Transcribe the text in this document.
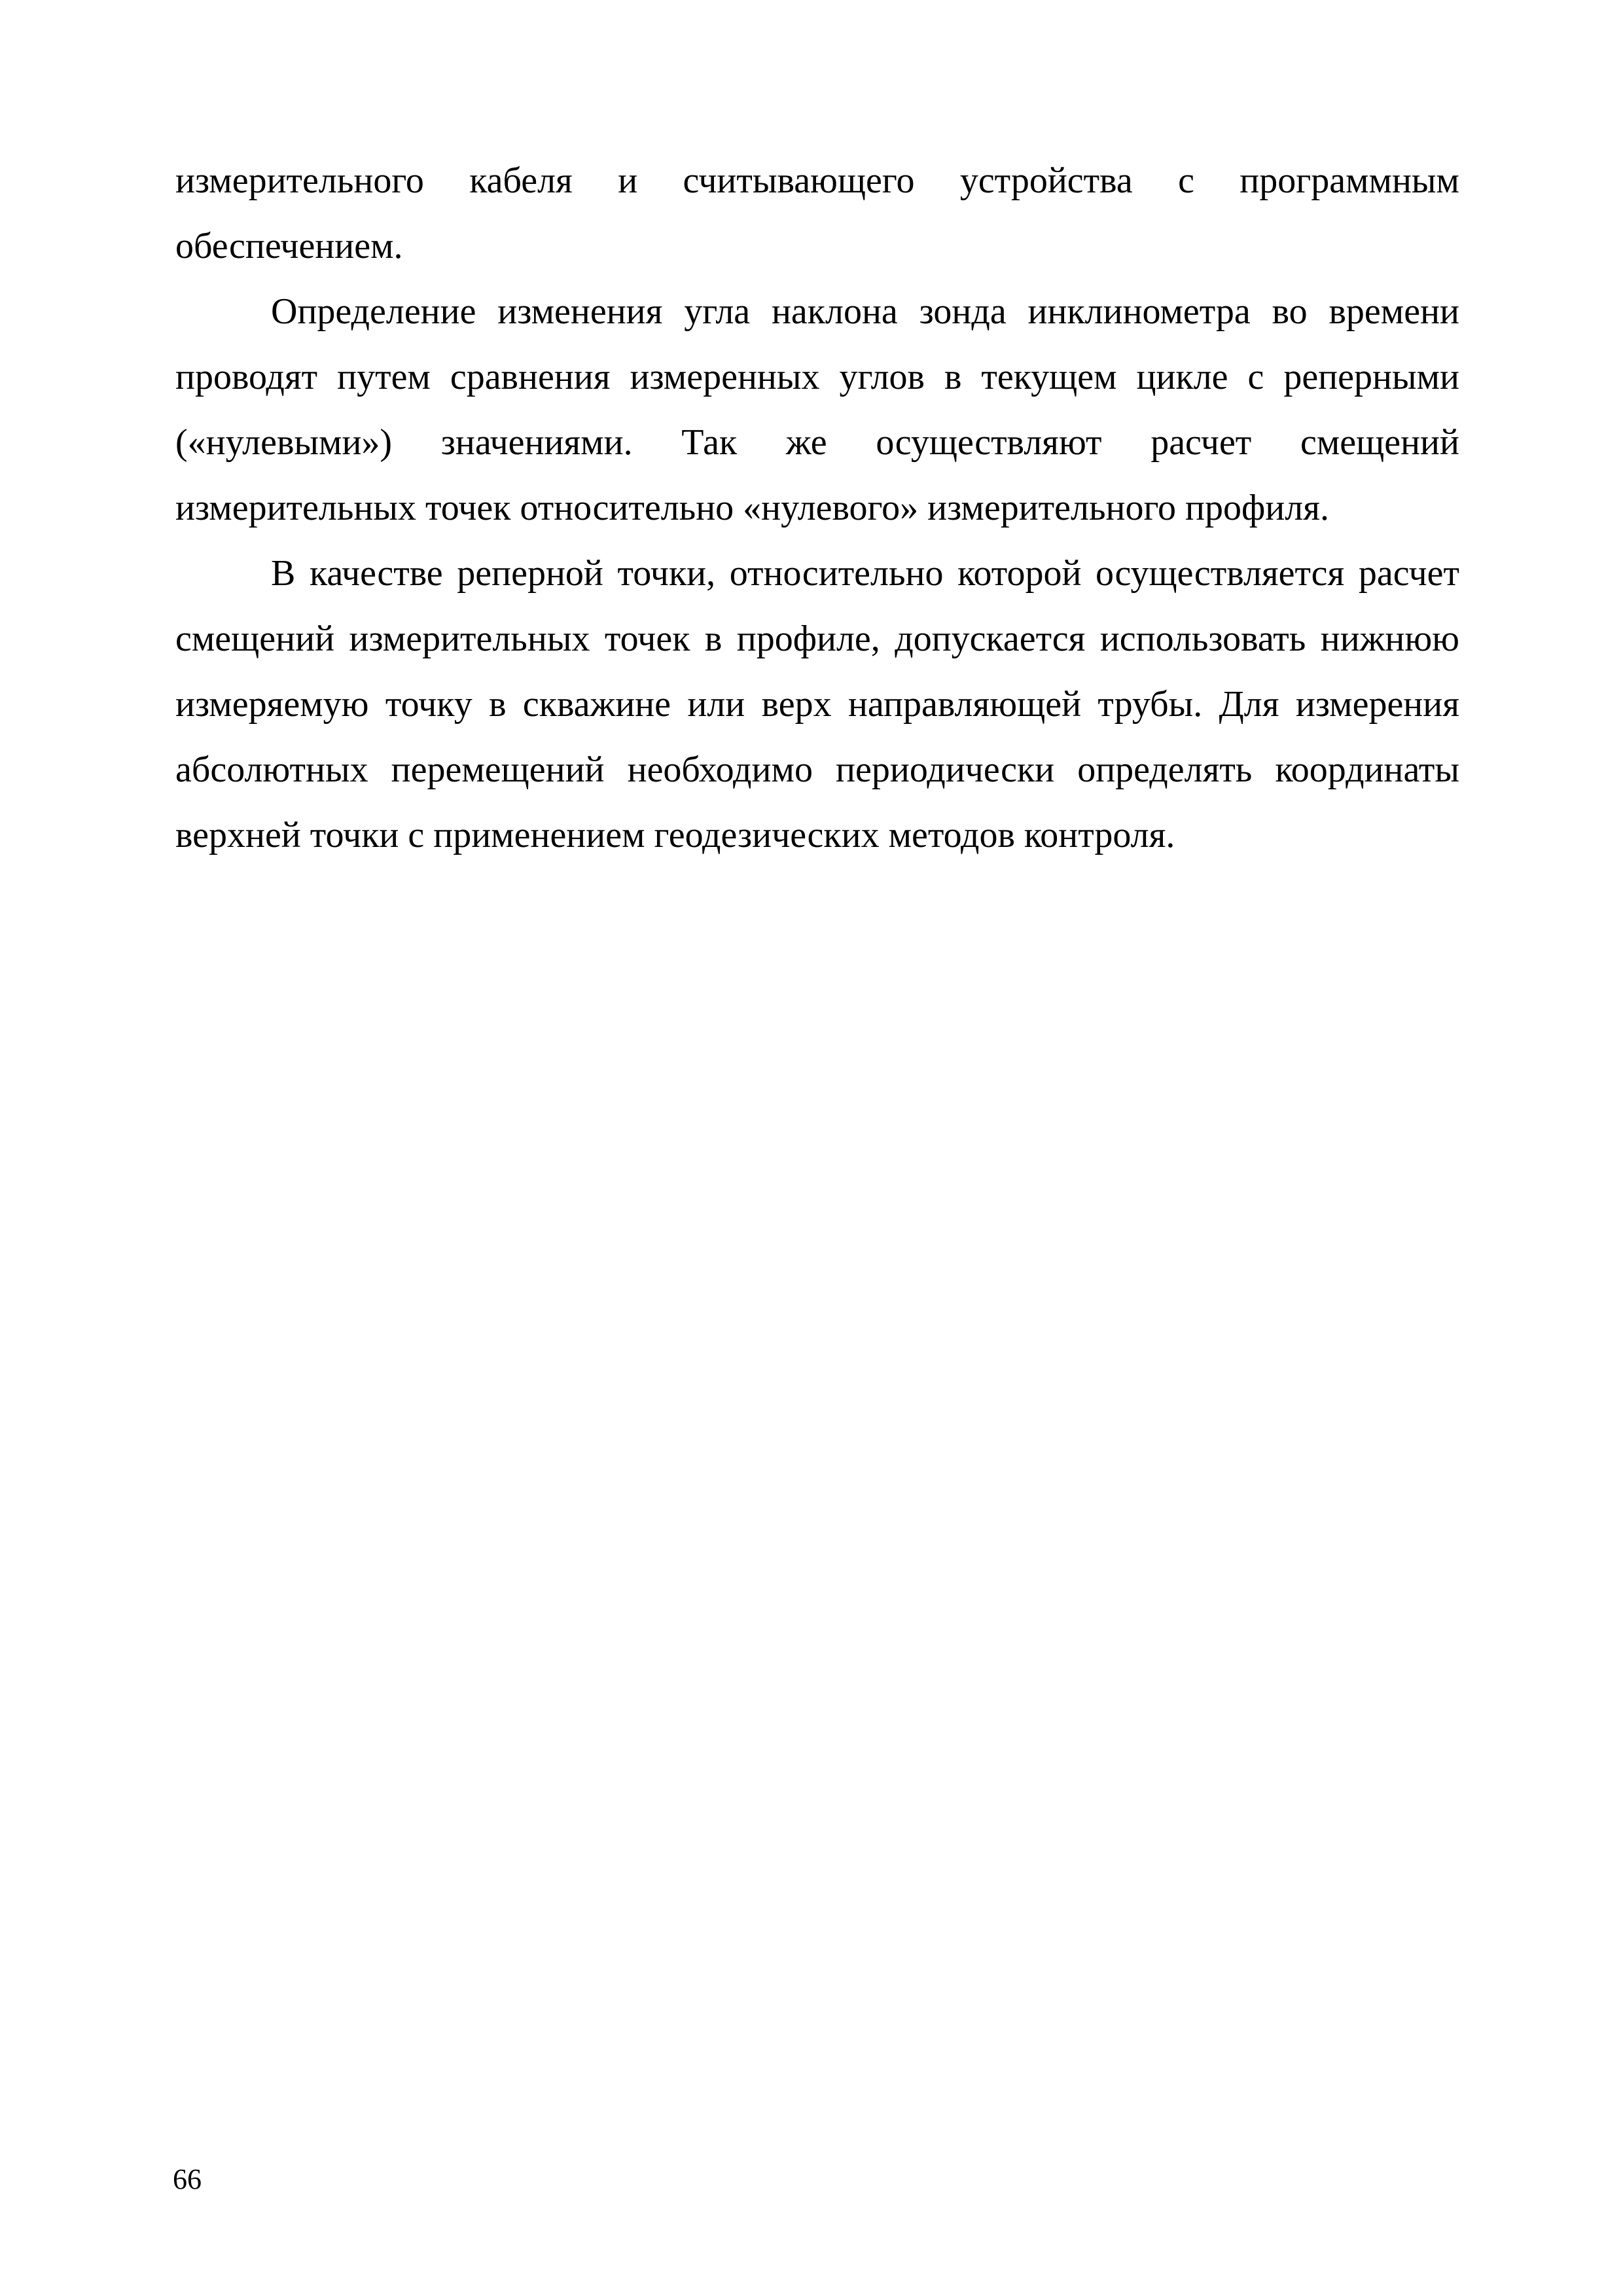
измерительного кабеля и считывающего устройства с программным обеспечением.

Определение изменения угла наклона зонда инклинометра во времени проводят путем сравнения измеренных углов в текущем цикле с реперными («нулевыми») значениями. Так же осуществляют расчет смещений измерительных точек относительно «нулевого» измерительного профиля.

В качестве реперной точки, относительно которой осуществляется расчет смещений измерительных точек в профиле, допускается использовать нижнюю измеряемую точку в скважине или верх направляющей трубы. Для измерения абсолютных перемещений необходимо периодически определять координаты верхней точки с применением геодезических методов контроля.

66
